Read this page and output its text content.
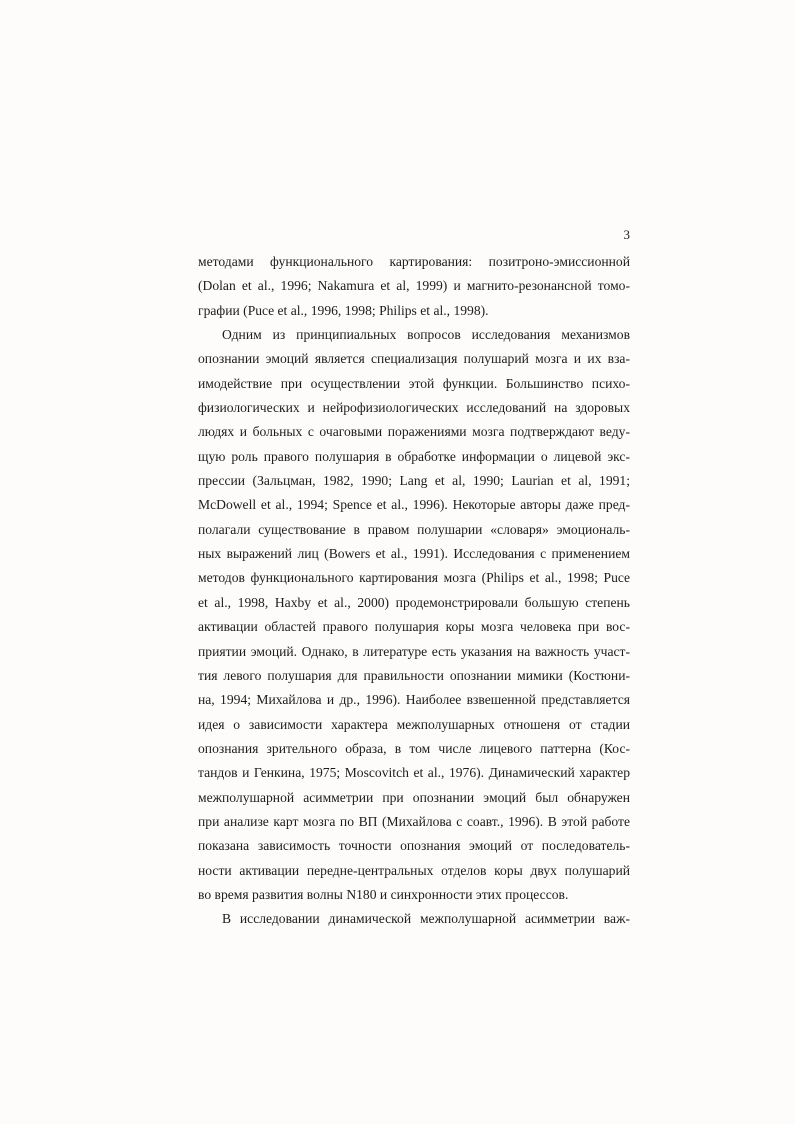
3
методами функционального картирования: позитроно-эмиссионной
(Dolan et al., 1996; Nakamura et al, 1999) и магнито-резонансной томо-
графии (Puce et al., 1996, 1998; Philips et al., 1998).
Одним из принципиальных вопросов исследования механизмов
опознании эмоций является специализация полушарий мозга и их вза-
имодействие при осуществлении этой функции. Большинство психо-
физиологических и нейрофизиологических исследований на здоровых
людях и больных с очаговыми поражениями мозга подтверждают веду-
щую роль правого полушария в обработке информации о лицевой экс-
прессии (Зальцман, 1982, 1990; Lang et al, 1990; Laurian et al, 1991;
McDowell et al., 1994; Spence et al., 1996). Некоторые авторы даже пред-
полагали существование в правом полушарии «словаря» эмоциональ-
ных выражений лиц (Bowers et al., 1991). Исследования с применением
методов функционального картирования мозга (Philips et al., 1998; Puce
et al., 1998, Haxby et al., 2000) продемонстрировали большую степень
активации областей правого полушария коры мозга человека при вос-
приятии эмоций. Однако, в литературе есть указания на важность участ-
тия левого полушария для правильности опознании мимики (Костюни-
на, 1994; Михайлова и др., 1996). Наиболее взвешенной представляется
идея о зависимости характера межполушарных отношеня от стадии
опознания зрительного образа, в том числе лицевого паттерна (Кос-
тандов и Генкина, 1975; Moscovitch et al., 1976). Динамический характер
межполушарной асимметрии при опознании эмоций был обнаружен
при анализе карт мозга по ВП (Михайлова с соавт., 1996). В этой работе
показана зависимость точности опознания эмоций от последователь-
ности активации передне-центральных отделов коры двух полушарий
во время развития волны N180 и синхронности этих процессов.
В исследовании динамической межполушарной асимметрии важ-
